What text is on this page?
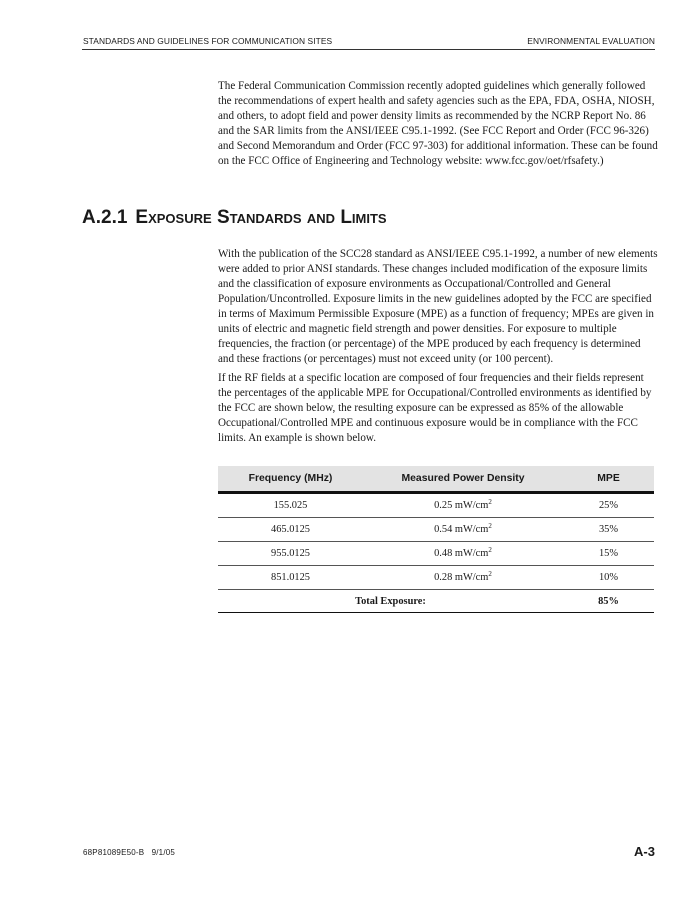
STANDARDS AND GUIDELINES FOR COMMUNICATION SITES	ENVIRONMENTAL EVALUATION

The Federal Communication Commission recently adopted guidelines which generally followed the recommendations of expert health and safety agencies such as the EPA, FDA, OSHA, NIOSH, and others, to adopt field and power density limits as recommended by the NCRP Report No. 86 and the SAR limits from the ANSI/IEEE C95.1-1992. (See FCC Report and Order (FCC 96-326) and Second Memorandum and Order (FCC 97-303) for additional information. These can be found on the FCC Office of Engineering and Technology website: www.fcc.gov/oet/rfsafety.)

A.2.1 Exposure Standards and Limits

With the publication of the SCC28 standard as ANSI/IEEE C95.1-1992, a number of new elements were added to prior ANSI standards. These changes included modification of the exposure limits and the classification of exposure environments as Occupational/Controlled and General Population/Uncontrolled. Exposure limits in the new guidelines adopted by the FCC are specified in terms of Maximum Permissible Exposure (MPE) as a function of frequency; MPEs are given in units of electric and magnetic field strength and power densities. For exposure to multiple frequencies, the fraction (or percentage) of the MPE produced by each frequency is determined and these fractions (or percentages) must not exceed unity (or 100 percent).

If the RF fields at a specific location are composed of four frequencies and their fields represent the percentages of the applicable MPE for Occupational/Controlled environments as identified by the FCC are shown below, the resulting exposure can be expressed as 85% of the allowable Occupational/Controlled MPE and continuous exposure would be in compliance with the FCC limits. An example is shown below.

Frequency (MHz)	Measured Power Density	MPE
155.025	0.25 $mW/cm^2$	25%
465.0125	0.54 $mW/cm^2$	35%
955.0125	0.48 $mW/cm^2$	15%
851.0125	0.28 $mW/cm^2$	10%
Total Exposure:		85%
68P81089E50-B 9/1/05	A-3
